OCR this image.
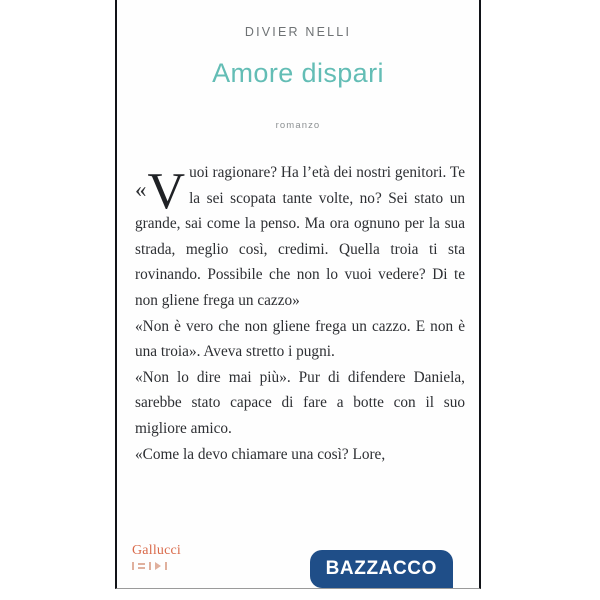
DIVIER NELLI
Amore dispari
romanzo

« V uoi ragionare? Ha l’età dei nostri genitori. Te la sei scopata tante volte, no? Sei stato un grande, sai come la penso. Ma ora ognuno per la sua strada, meglio così, credimi. Quella troia ti sta rovinando. Possibile che non lo vuoi vedere? Di te non gliene frega un cazzo»

«Non è vero che non gliene frega un cazzo. E non è una troia». Aveva stretto i pugni.

«Non lo dire mai più». Pur di difendere Daniela, sarebbe stato capace di fare a botte con il suo migliore amico.

«Come la devo chiamare una così? Lore,

Gallucci
BAZZACCO
